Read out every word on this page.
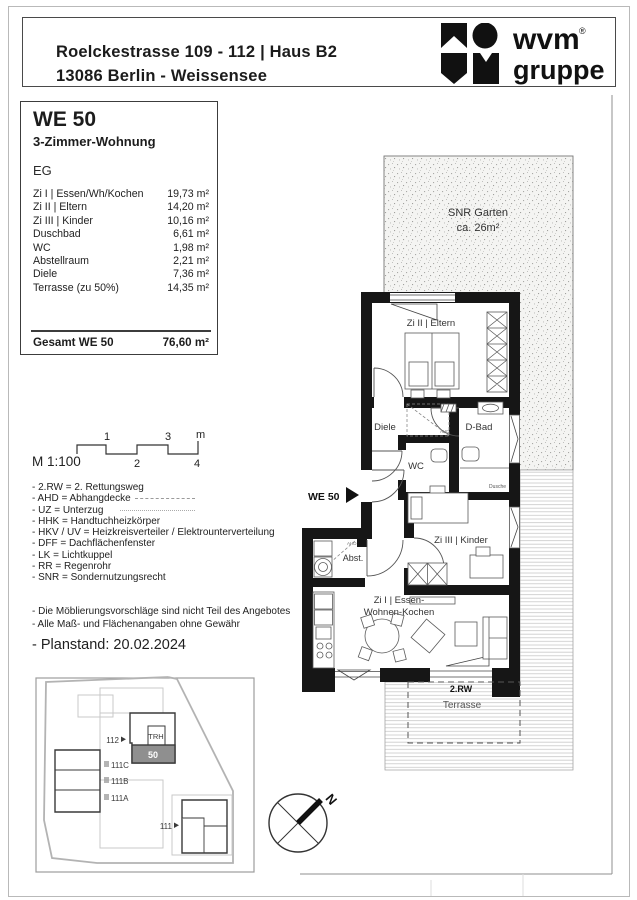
Roelckestrasse 109 - 112 | Haus B2
13086 Berlin - Weissensee
wvm ®
gruppe
WE 50
3-Zimmer-Wohnung
EG
Zi I | Essen/Wh/Kochen 19,73 m²
Zi II | Eltern	14,20 m²
Zi III | Kinder	10,16 m²
Duschbad	6,61 m²
WC	1,98 m²
Abstellraum	2,21 m²
Diele	7,36 m²
Terrasse (zu 50%)	14,35 m²
Gesamt WE 50	76,60 m²
M 1:100
1	3 m
2	4
SNR Garten
ca. 26m²
Zi II | Eltern
Diele	D-Bad
WC
Zi III | Kinder
Abst.
Zi I | Essen-
Wohnen-Kochen
Dusche
AHD
AHD
2.RW
Terrasse
WE 50
112	TRH
50
111C
111B
111A
111
N
- 2.RW = 2. Rettungsweg
- AHD = Abhangdecke
- UZ = Unterzug
- HHK = Handtuchheizkörper
- HKV / UV = Heizkreisverteiler / Elektrounterverteilung
- DFF = Dachflächenfenster
- LK = Lichtkuppel
- RR = Regenrohr
- SNR = Sondernutzungsrecht
- Die Möblierungsvorschläge sind nicht Teil des Angebotes
- Alle Maß- und Flächenangaben ohne Gewähr
- Planstand: 20.02.2024
